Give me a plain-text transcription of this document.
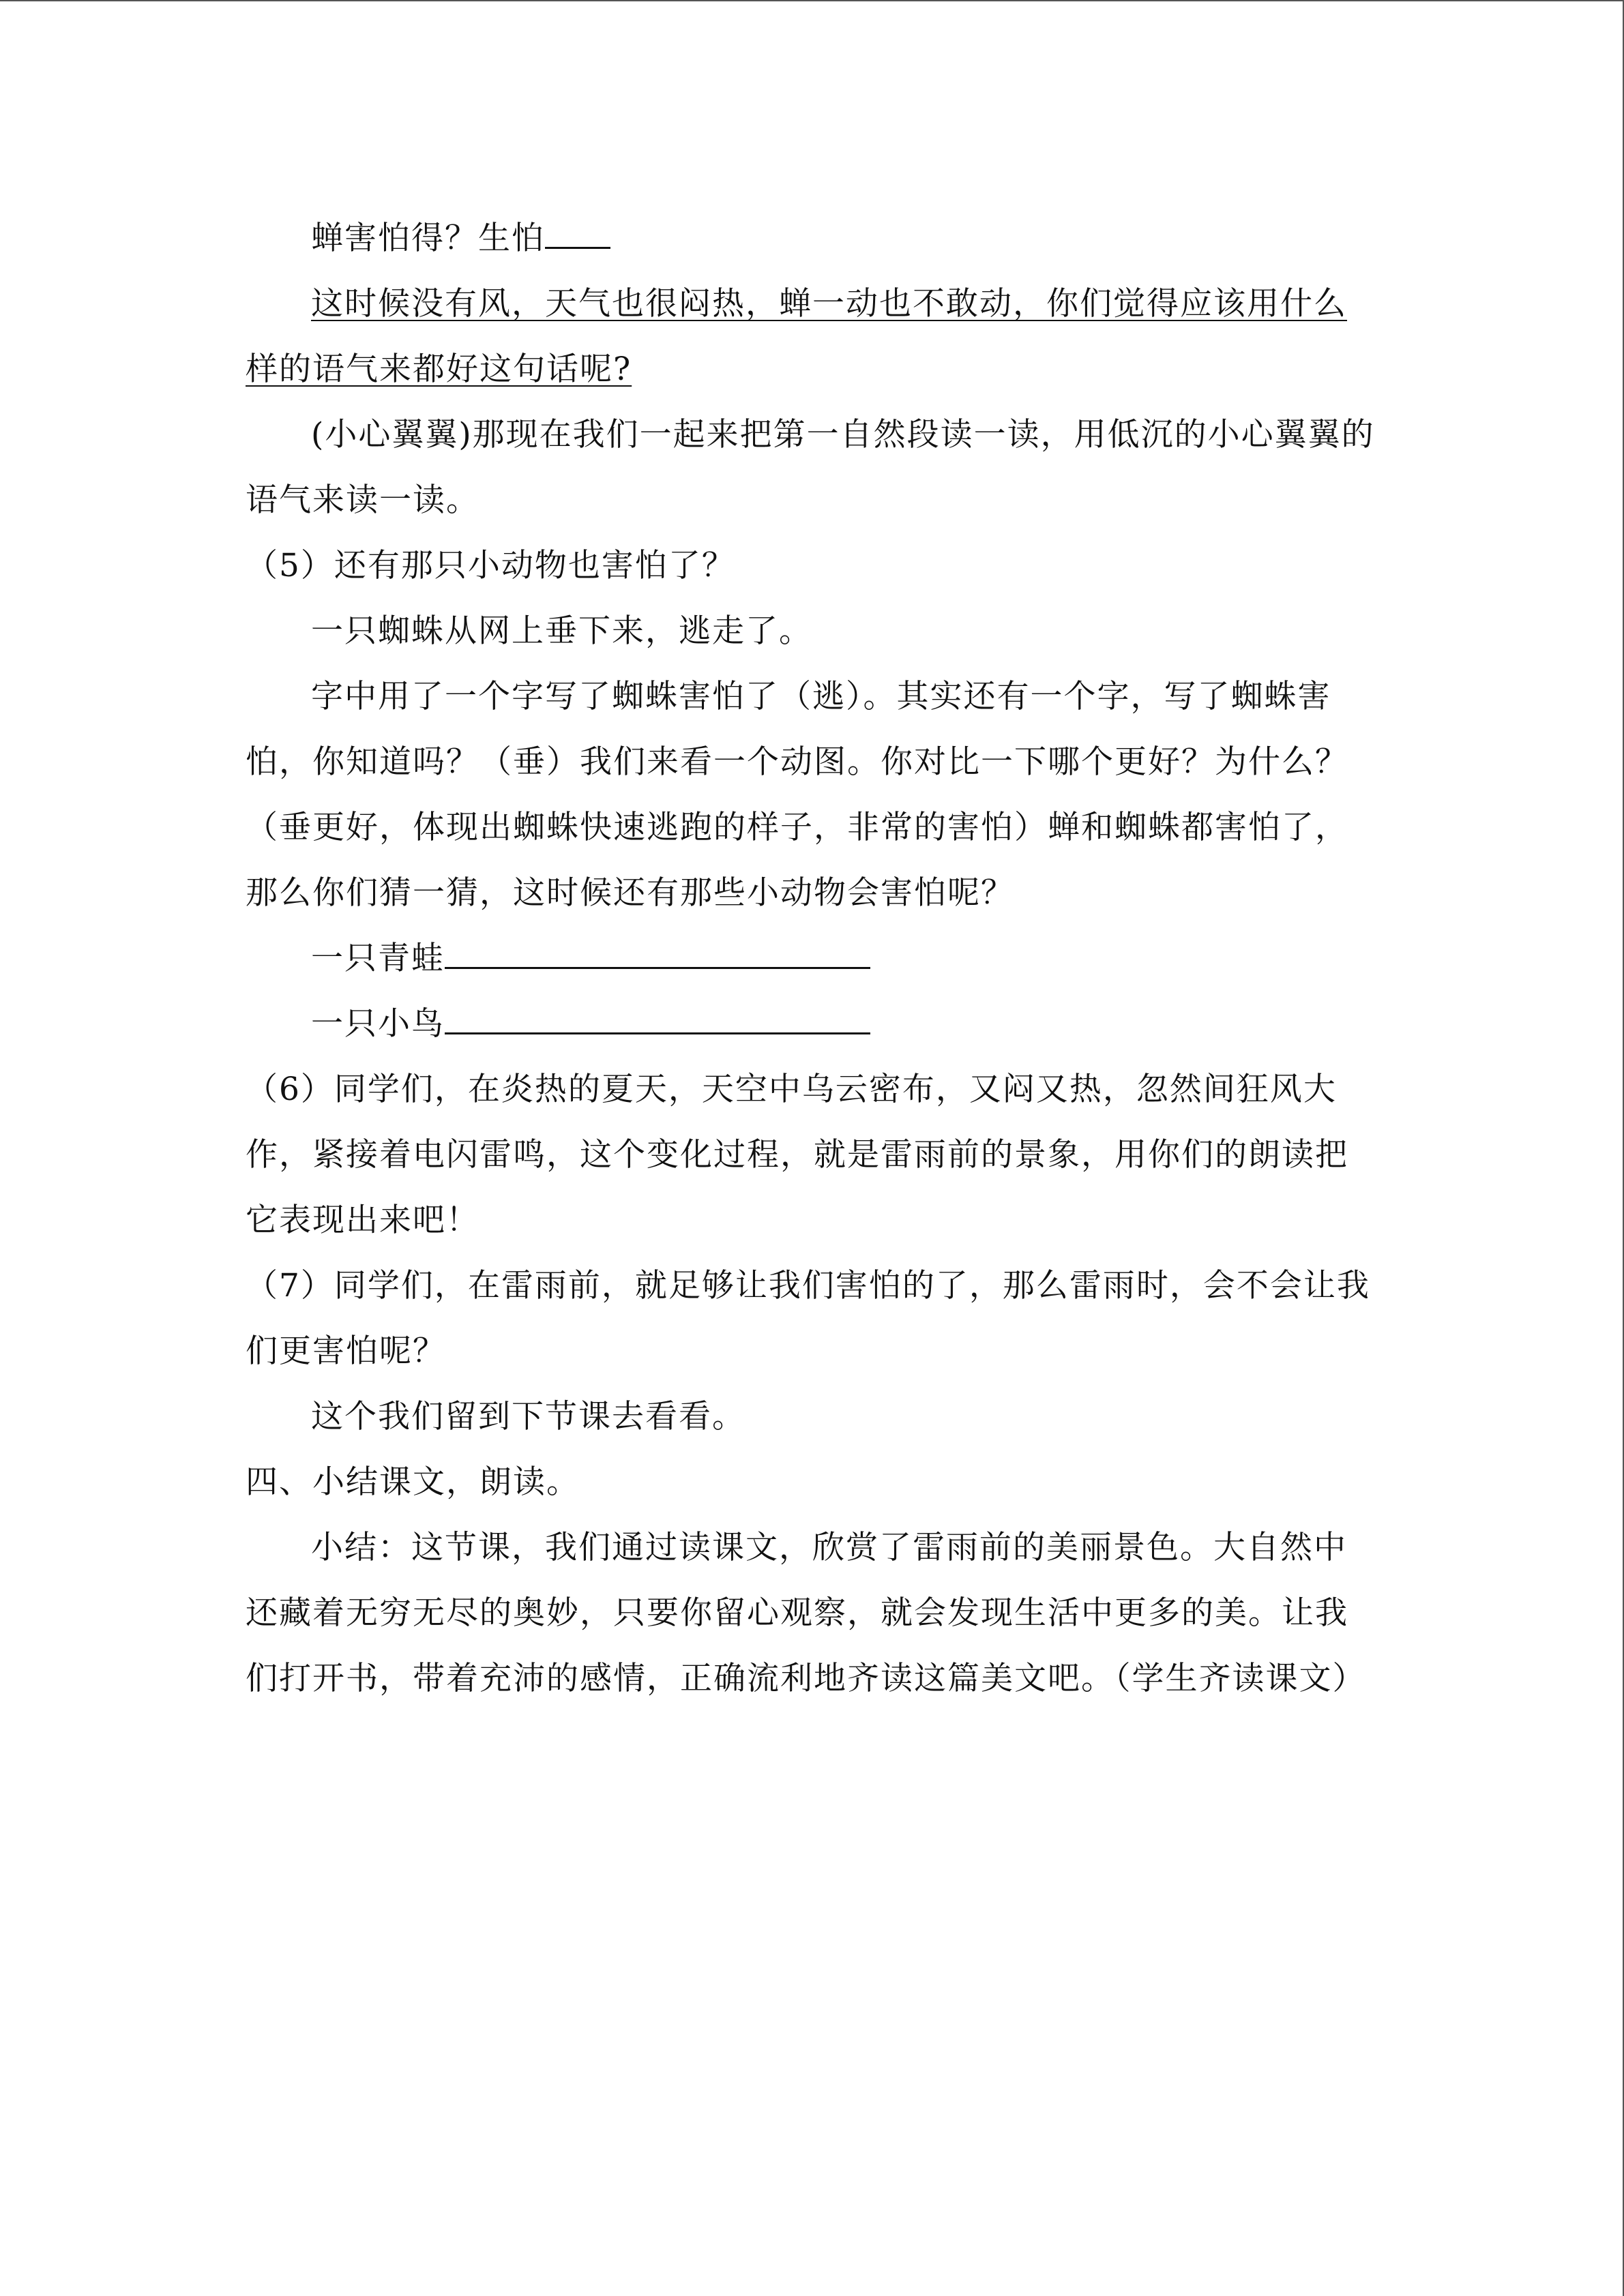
蝉害怕得？生怕

这时候没有风，天气也很闷热，蝉一动也不敢动，你们觉得应该用什么样的语气来都好这句话呢?

(小心翼翼)那现在我们一起来把第一自然段读一读，用低沉的小心翼翼的语气来读一读。

（5）还有那只小动物也害怕了？

一只蜘蛛从网上垂下来，逃走了。

字中用了一个字写了蜘蛛害怕了（逃）。其实还有一个字，写了蜘蛛害怕，你知道吗？（垂）我们来看一个动图。你对比一下哪个更好？为什么？（垂更好，体现出蜘蛛快速逃跑的样子，非常的害怕）蝉和蜘蛛都害怕了，那么你们猜一猜，这时候还有那些小动物会害怕呢？

一只青蛙

一只小鸟

（6）同学们，在炎热的夏天，天空中乌云密布，又闷又热，忽然间狂风大作，紧接着电闪雷鸣，这个变化过程，就是雷雨前的景象，用你们的朗读把它表现出来吧！

（7）同学们，在雷雨前，就足够让我们害怕的了，那么雷雨时，会不会让我们更害怕呢？

这个我们留到下节课去看看。

四、小结课文，朗读。

小结：这节课，我们通过读课文，欣赏了雷雨前的美丽景色。大自然中还藏着无穷无尽的奥妙，只要你留心观察，就会发现生活中更多的美。让我们打开书，带着充沛的感情，正确流利地齐读这篇美文吧。（学生齐读课文）
